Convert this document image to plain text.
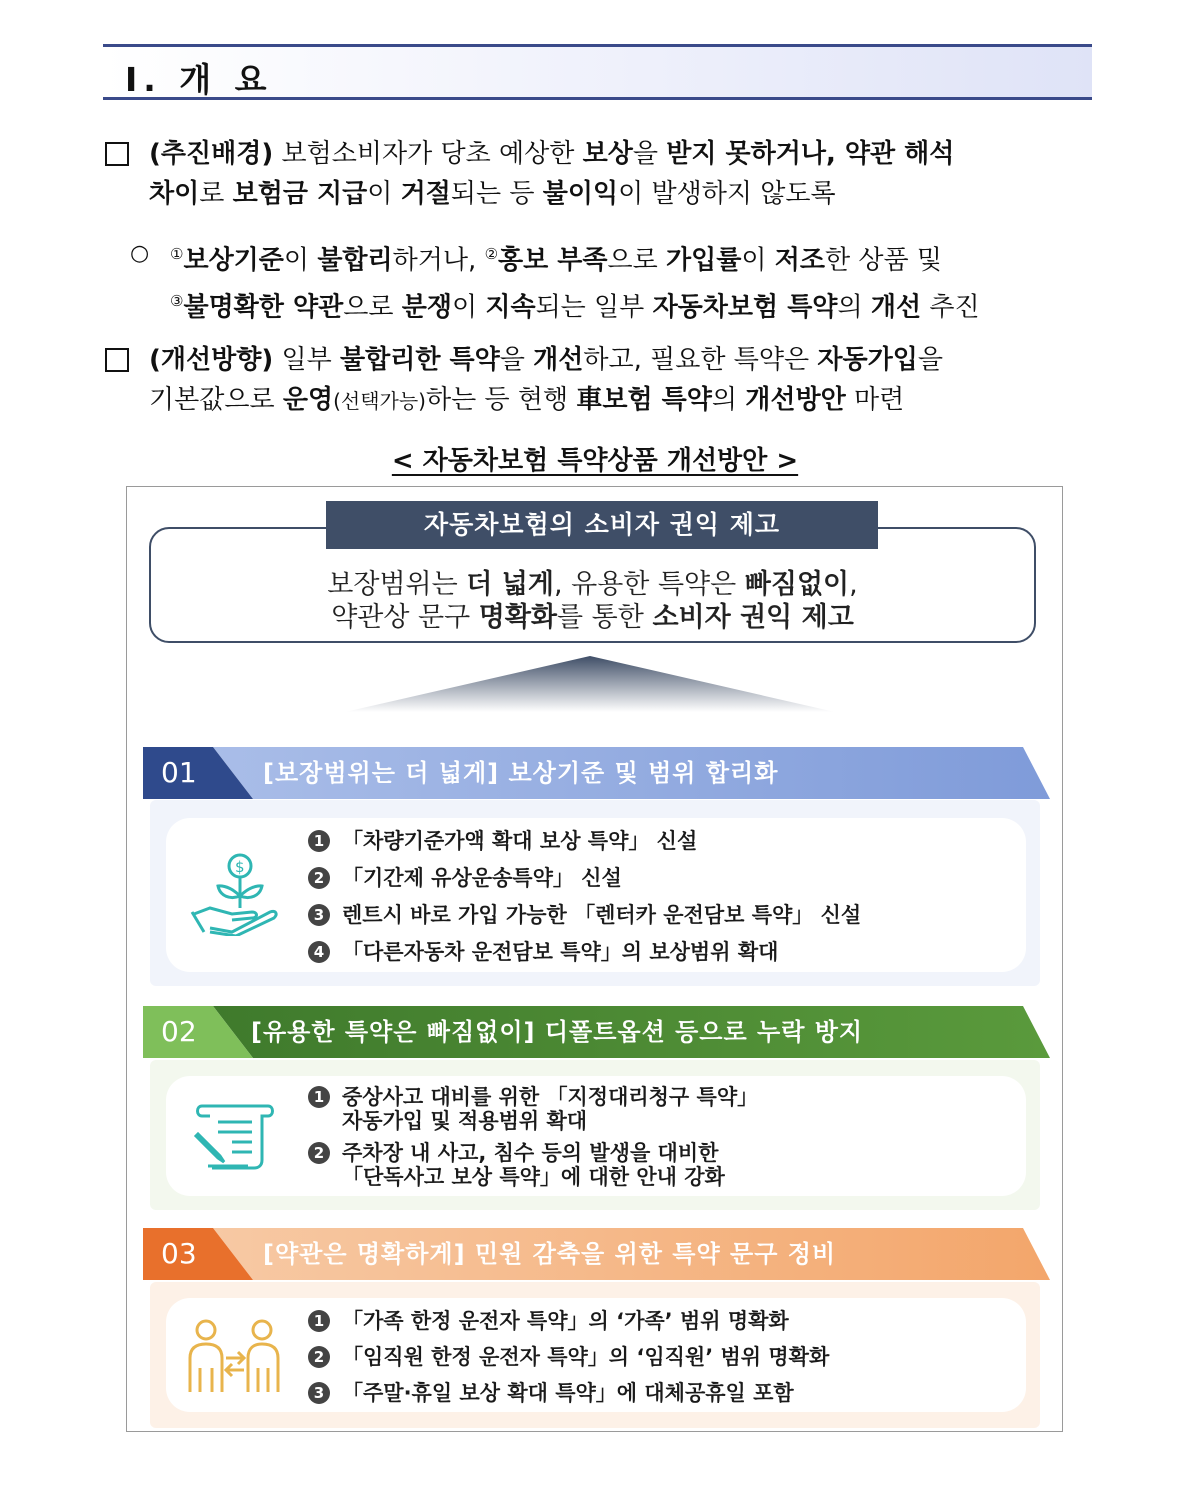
Ⅰ. 개 요
(추진배경) 보험소비자가 당초 예상한 보상을 받지 못하거나, 약관 해석
차이로 보험금 지급이 거절되는 등 불이익이 발생하지 않도록
○	①보상기준이 불합리하거나, ②홍보 부족으로 가입률이 저조한 상품 및
③불명확한 약관으로 분쟁이 지속되는 일부 자동차보험 특약의 개선 추진
(개선방향) 일부 불합리한 특약을 개선하고, 필요한 특약은 자동가입을
기본값으로 운영(선택가능)하는 등 현행 車보험 특약의 개선방안 마련
< 자동차보험 특약상품 개선방안 >
자동차보험의 소비자 권익 제고
보장범위는 더 넓게, 유용한 특약은 빠짐없이,
약관상 문구 명확화를 통한 소비자 권익 제고
01	[보장범위는 더 넓게] 보상기준 및 범위 합리화
$
1 「차량기준가액 확대 보상 특약」 신설
2 「기간제 유상운송특약」 신설
3 렌트시 바로 가입 가능한 「렌터카 운전담보 특약」 신설
4 「다른자동차 운전담보 특약」의 보상범위 확대
02	[유용한 특약은 빠짐없이] 디폴트옵션 등으로 누락 방지
1 중상사고 대비를 위한 「지정대리청구 특약」
자동가입 및 적용범위 확대
2 주차장 내 사고, 침수 등의 발생을 대비한
「단독사고 보상 특약」에 대한 안내 강화
03	[약관은 명확하게] 민원 감축을 위한 특약 문구 정비
1 「가족 한정 운전자 특약」의 ‘가족’ 범위 명확화
2 「임직원 한정 운전자 특약」의 ‘임직원’ 범위 명확화
3 「주말·휴일 보상 확대 특약」에 대체공휴일 포함
